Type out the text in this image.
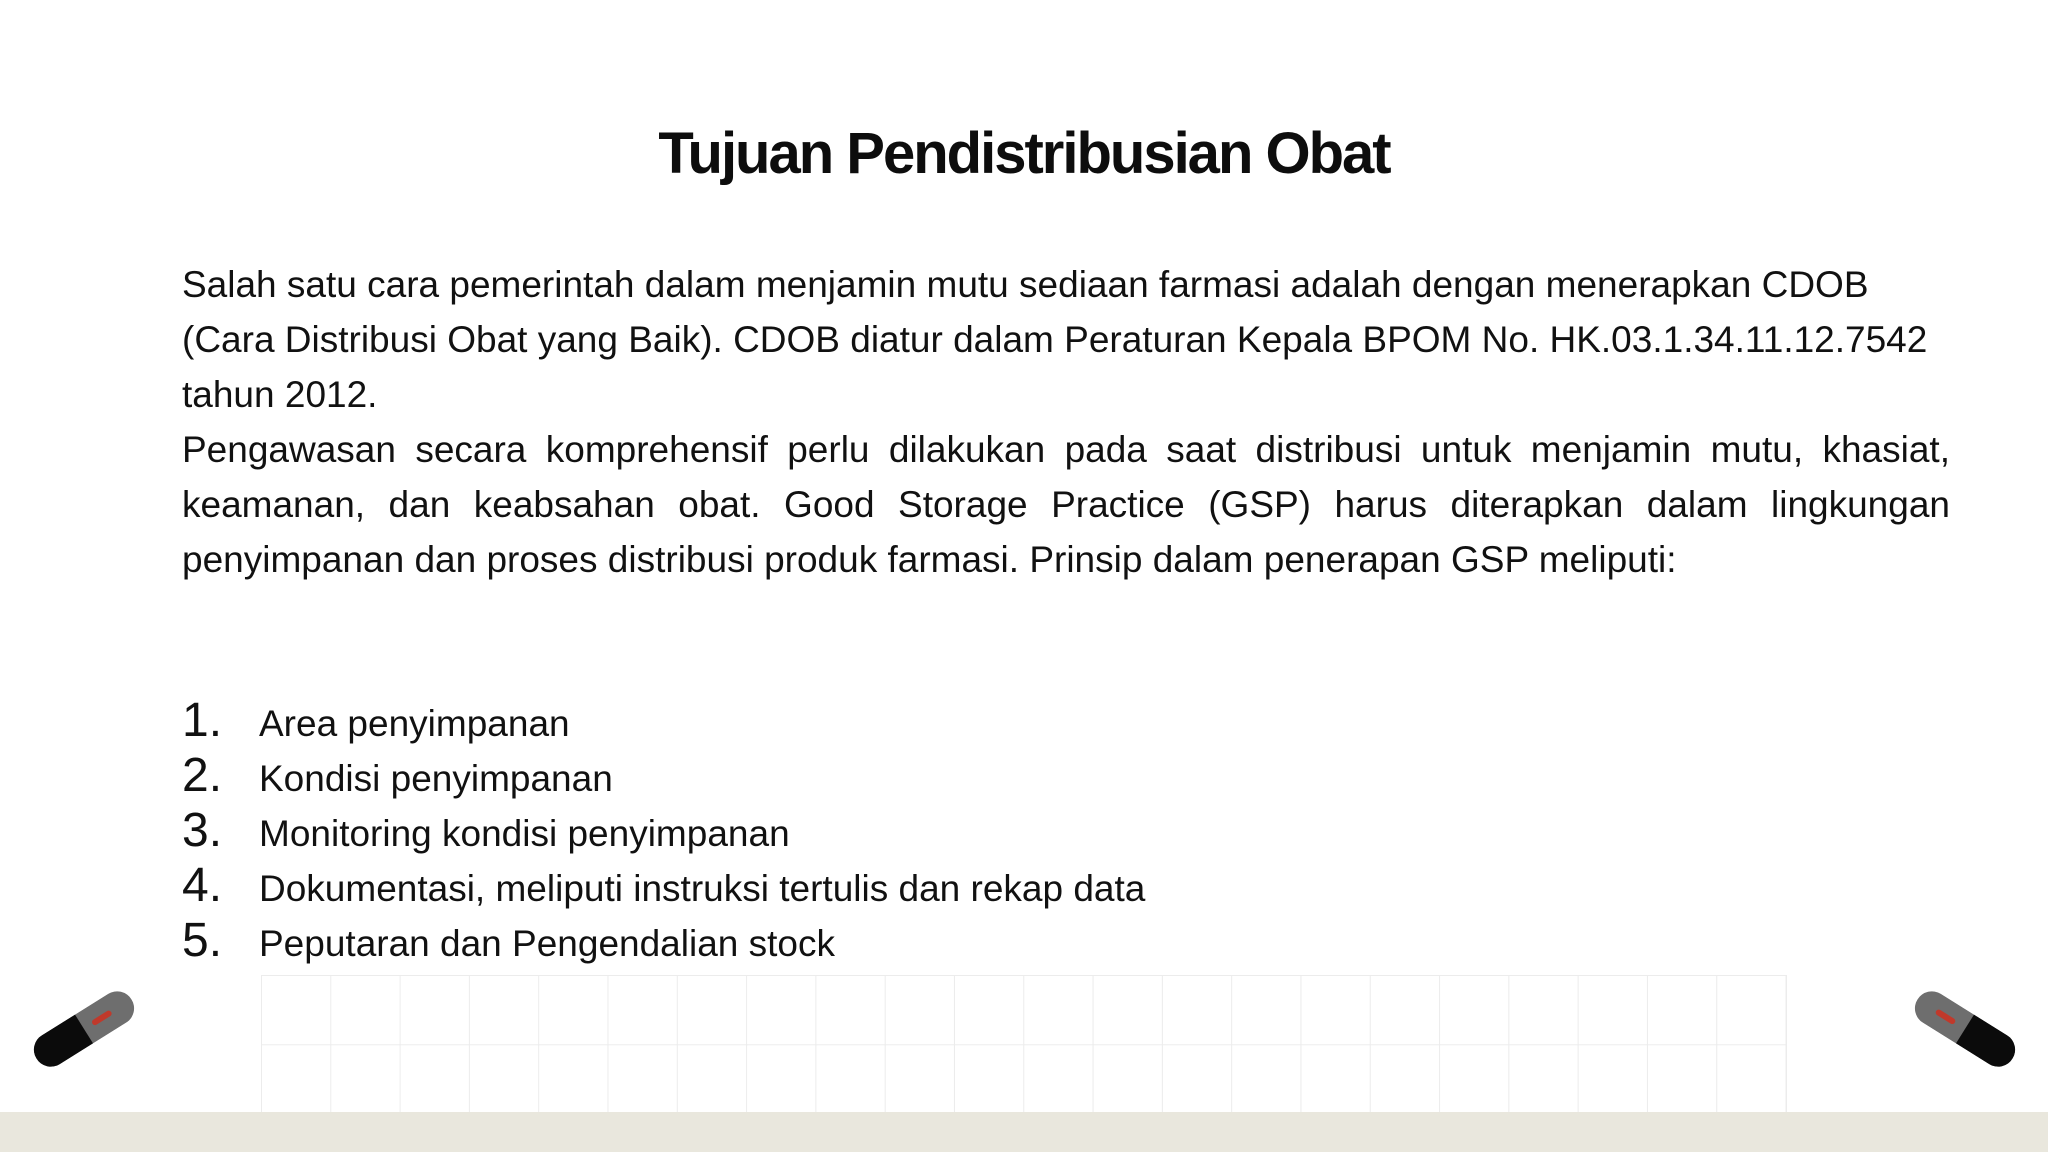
Tujuan Pendistribusian Obat

Salah satu cara pemerintah dalam menjamin mutu sediaan farmasi adalah dengan menerapkan CDOB (Cara Distribusi Obat yang Baik). CDOB diatur dalam Peraturan Kepala BPOM No. HK.03.1.34.11.12.7542 tahun 2012.

Pengawasan secara komprehensif perlu dilakukan pada saat distribusi untuk menjamin mutu, khasiat, keamanan, dan keabsahan obat. Good Storage Practice (GSP) harus diterapkan dalam lingkungan penyimpanan dan proses distribusi produk farmasi. Prinsip dalam penerapan GSP meliputi:

1. Area penyimpanan
2. Kondisi penyimpanan
3. Monitoring kondisi penyimpanan
4. Dokumentasi, meliputi instruksi tertulis dan rekap data
5. Peputaran dan Pengendalian stock
